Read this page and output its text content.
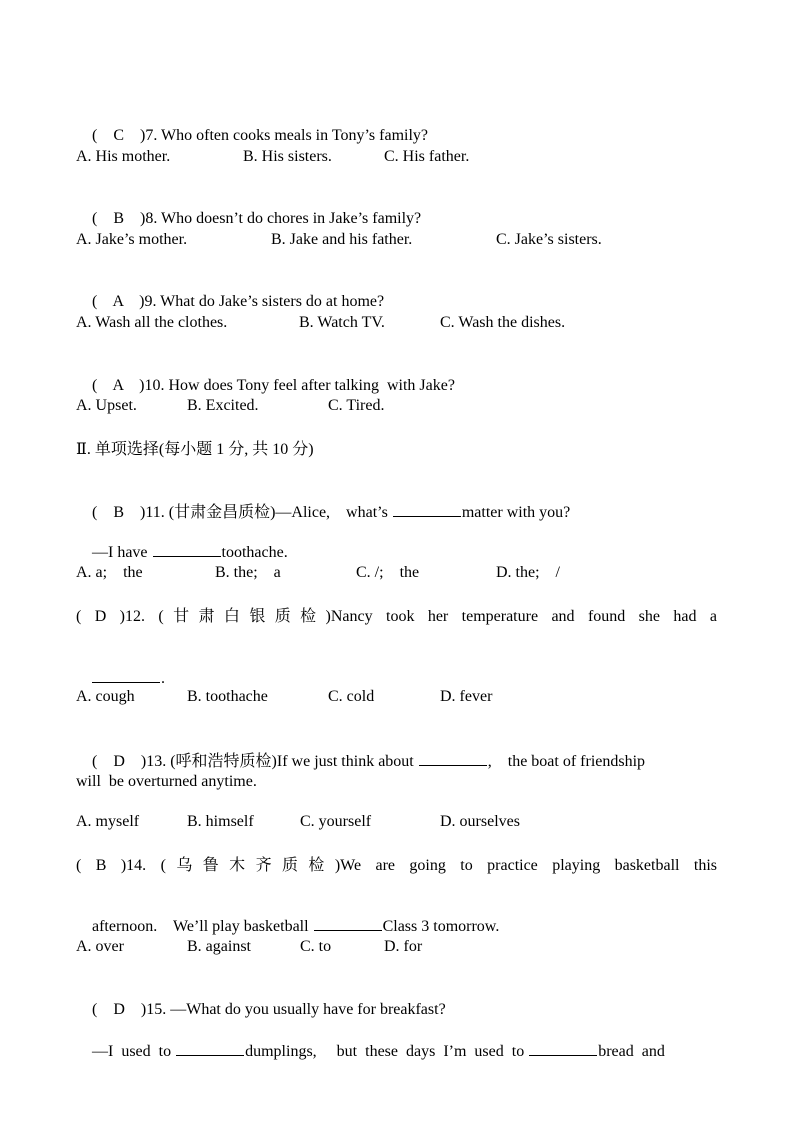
(    C    )7. Who often cooks meals in Tony’s family?

A. His mother.	B. His sisters.	C. His father.

(    B    )8. Who doesn’t do chores in Jake’s family?

A. Jake’s mother.	B. Jake and his father.	C. Jake’s sisters.

(    A    )9. What do Jake’s sisters do at home?

A. Wash all the clothes.	B. Watch TV.	C. Wash the dishes.

(    A    )10. How does Tony feel after talking  with Jake?

A. Upset.	B. Excited.	C. Tired.
Ⅱ. 单项选择(每小题 1 分, 共 10 分)

(    B    )11. (甘肃金昌质检)—Alice,    what’s	matter with you?

—I have	toothache.

A. a;    the	B. the;    a	C. /;    the	D. the;    /
( D )12. (甘肃白银质检)Nancy took her temperature and found she had a

.

A. cough	B. toothache	C. cold	D. fever

(    D    )13. (呼和浩特质检)If we just think about	,    the boat of friendship

will  be overturned anytime.
A. myself	B. himself	C. yourself	D. ourselves
( B )14. (乌鲁木齐质检)We are going to practice playing basketball this

afternoon.    We’ll play basketball	Class 3 tomorrow.

A. over	B. against	C. to	D. for

(    D    )15. —What do you usually have for breakfast?

—I  used  to	dumplings,     but  these  days  I’m  used  to	bread  and
